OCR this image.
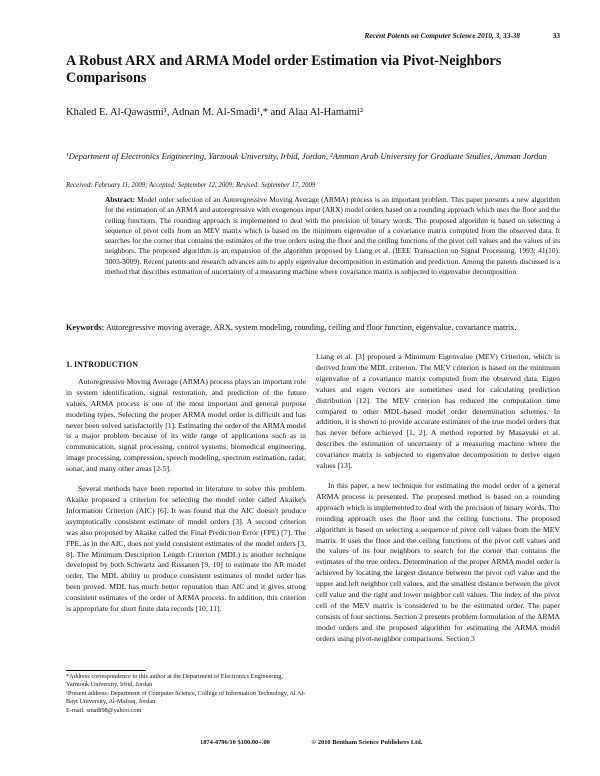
Recent Patents on Computer Science 2010, 3, 33-38	33
A Robust ARX and ARMA Model order Estimation via Pivot-Neighbors Comparisons
Khaled E. Al-Qawasmi¹, Adnan M. Al-Smadi¹,* and Alaa Al-Hamami²
¹Department of Electronics Engineering, Yarmouk University, Irbid, Jordan, ²Amman Arab University for Graduate Studies, Amman Jordan
Received: February 11, 2009; Accepted: September 12, 2009; Revised: September 17, 2009
Abstract: Model order selection of an Autoregressive Moving Average (ARMA) process is an important problem. This paper presents a new algorithm for the estimation of an ARMA and autoregressive with exogenous input (ARX) model orders based on a rounding approach which uses the floor and the ceiling functions. The rounding approach is implemented to deal with the precision of binary words. The proposed algorithm is based on selecting a sequence of pivot cells from an MEV matrix which is based on the minimum eigenvalue of a covariance matrix computed from the observed data. It searches for the corner that contains the estimates of the true orders using the floor and the ceiling functions of the pivot cell values and the values of its neighbors. The proposed algorithm is an expansion of the algorithm proposed by Liang et al. (IEEE Transaction on Signal Processing, 1993; 41(10): 3003-3009). Recent patents and research advances aim to apply eigenvalue decomposition in estimation and prediction. Among the patents discussed is a method that describes estimation of uncertainty of a measuring machine where covariance matrix is subjected to eigenvalue decomposition.
Keywords: Autoregressive moving average, ARX, system modeling, rounding, ceiling and floor function, eigenvalue, covariance matrix.
1. INTRODUCTION

Autoregressive Moving Average (ARMA) process plays an important role in system identification, signal restoration, and prediction of the future values. ARMA process is one of the most important and general purpose modeling types. Selecting the proper ARMA model order is difficult and has never been solved satisfactorily [1]. Estimating the order of the ARMA model is a major problem because of its wide range of applications such as in communication, signal processing, control systems, biomedical engineering, image processing, compression, speech modeling, spectrum estimation, radar, sonar, and many other areas [2-5].

Several methods have been reported in literature to solve this problem. Akaike proposed a criterion for selecting the model order called Akaike's Information Criterion (AIC) [6]. It was found that the AIC doesn't produce asymptotically consistent estimate of model orders [3]. A second criterion was also proposed by Akaike called the Final Prediction Error (FPE) [7]. The FPE, as in the AIC, does not yield consistent estimates of the model orders [3, 8]. The Minimum Description Length Criterion (MDL) is another technique developed by both Schwartz and Rissanen [9, 10] to estimate the AR model order. The MDL ability to produce consistent estimates of model order has been proved. MDL has much better reputation than AIC and it gives strong consistent estimates of the order of ARMA process. In addition, this criterion is appropriate for short finite data records [10, 11].

Liang et al. [3] proposed a Minimum Eigenvalue (MEV) Criterion, which is derived from the MDL criterion. The MEV criterion is based on the minimum eigenvalue of a covariance matrix computed from the observed data. Eigen values and eigen vectors are sometimes used for calculating prediction distribution [12]. The MEV criterion has reduced the computation time compared to other MDL-based model order determination schemes. In addition, it is shown to provide accurate estimates of the true model orders that has never before achieved [1, 2]. A method reported by Masayuki et al. describes the estimation of uncertainty of a measuring machine where the covariance matrix is subjected to eigenvalue decomposition to derive eigen values [13].

In this paper, a new technique for estimating the model order of a general ARMA process is presented. The proposed method is based on a rounding approach which is implemented to deal with the precision of binary words. The rounding approach uses the floor and the ceiling functions. The proposed algorithm is based on selecting a sequence of pivot cell values from the MEV matrix. It uses the floor and the ceiling functions of the pivot cell values and the values of its four neighbors to search for the corner that contains the estimates of the true orders. Determination of the proper ARMA model order is achieved by locating the largest distance between the pivot cell value and the upper and left neighbor cell values, and the smallest distance between the pivot cell value and the right and lower neighbor cell values. The index of the pivot cell of the MEV matrix is considered to be the estimated order. The paper consists of four sections. Section 2 presents problem formulation of the ARMA model orders and the proposed algorithm for estimating the ARMA model orders using pivot-neighbor comparisons. Section 3

*Address correspondence to this author at the Department of Electronics Engineering, Yarmouk University, Irbid, Jordan
¹Present address: Department of Computer Science, College of Information Technology, Al Al-Bayt University, Al-Mafraq, Jordan
E-mail: smadi98@yahoo.com
1874-4796/10 $100.00+.00	© 2010 Bentham Science Publishers Ltd.
